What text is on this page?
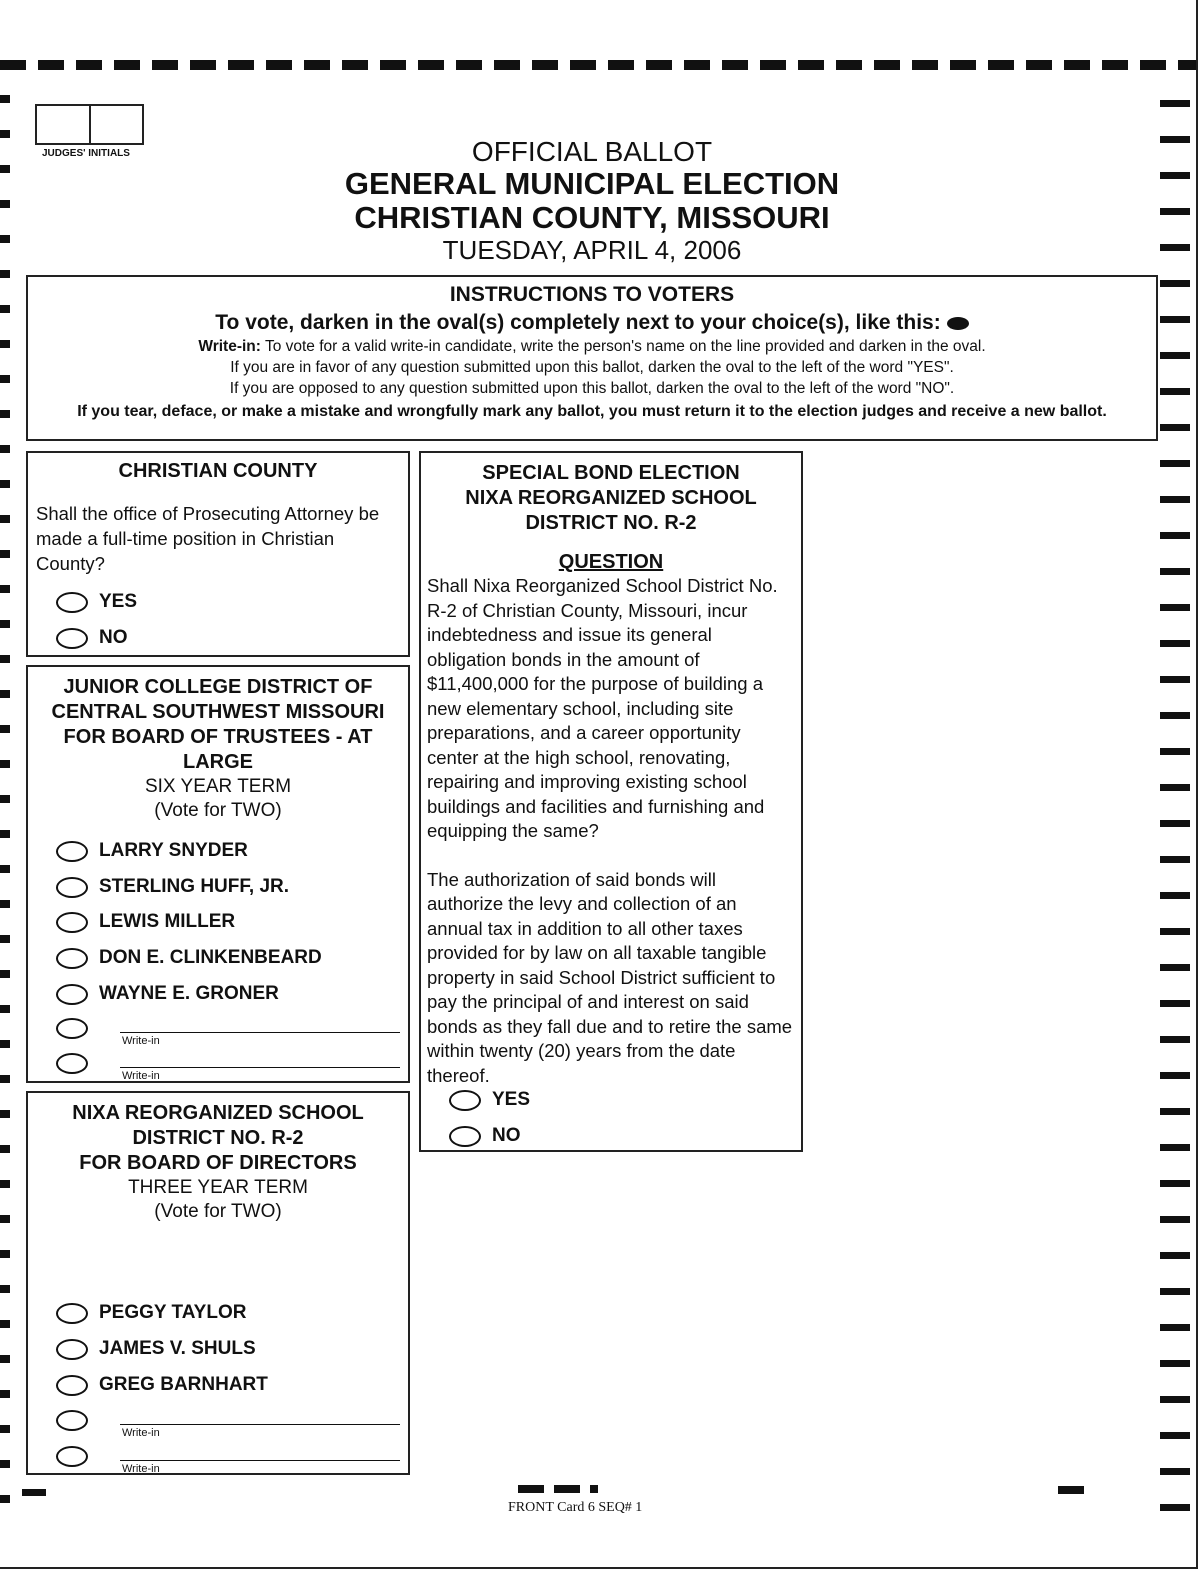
JUDGES' INITIALS	OFFICIAL BALLOT
GENERAL MUNICIPAL ELECTION
CHRISTIAN COUNTY, MISSOURI
TUESDAY, APRIL 4, 2006
INSTRUCTIONS TO VOTERS
To vote, darken in the oval(s) completely next to your choice(s), like this:
Write-in: To vote for a valid write-in candidate, write the person's name on the line provided and darken in the oval.
If you are in favor of any question submitted upon this ballot, darken the oval to the left of the word "YES".
If you are opposed to any question submitted upon this ballot, darken the oval to the left of the word "NO".
If you tear, deface, or make a mistake and wrongfully mark any ballot, you must return it to the election judges and receive a new ballot.
CHRISTIAN COUNTY
Shall the office of Prosecuting Attorney be made a full-time position in Christian County?
YES
NO
JUNIOR COLLEGE DISTRICT OF
CENTRAL SOUTHWEST MISSOURI
FOR BOARD OF TRUSTEES - AT LARGE
SIX YEAR TERM
(Vote for TWO)
LARRY SNYDER
STERLING HUFF, JR.
LEWIS MILLER
DON E. CLINKENBEARD
WAYNE E. GRONER
Write-in
Write-in
NIXA REORGANIZED SCHOOL
DISTRICT NO. R-2
FOR BOARD OF DIRECTORS
THREE YEAR TERM
(Vote for TWO)
PEGGY TAYLOR
JAMES V. SHULS
GREG BARNHART
Write-in
Write-in
SPECIAL BOND ELECTION
NIXA REORGANIZED SCHOOL
DISTRICT NO. R-2
QUESTION
Shall Nixa Reorganized School District No. R-2 of Christian County, Missouri, incur indebtedness and issue its general obligation bonds in the amount of $11,400,000 for the purpose of building a new elementary school, including site preparations, and a career opportunity center at the high school, renovating, repairing and improving existing school buildings and facilities and furnishing and equipping the same?
The authorization of said bonds will authorize the levy and collection of an annual tax in addition to all other taxes provided for by law on all taxable tangible property in said School District sufficient to pay the principal of and interest on said bonds as they fall due and to retire the same within twenty (20) years from the date thereof.
YES
NO
FRONT Card 6 SEQ# 1
